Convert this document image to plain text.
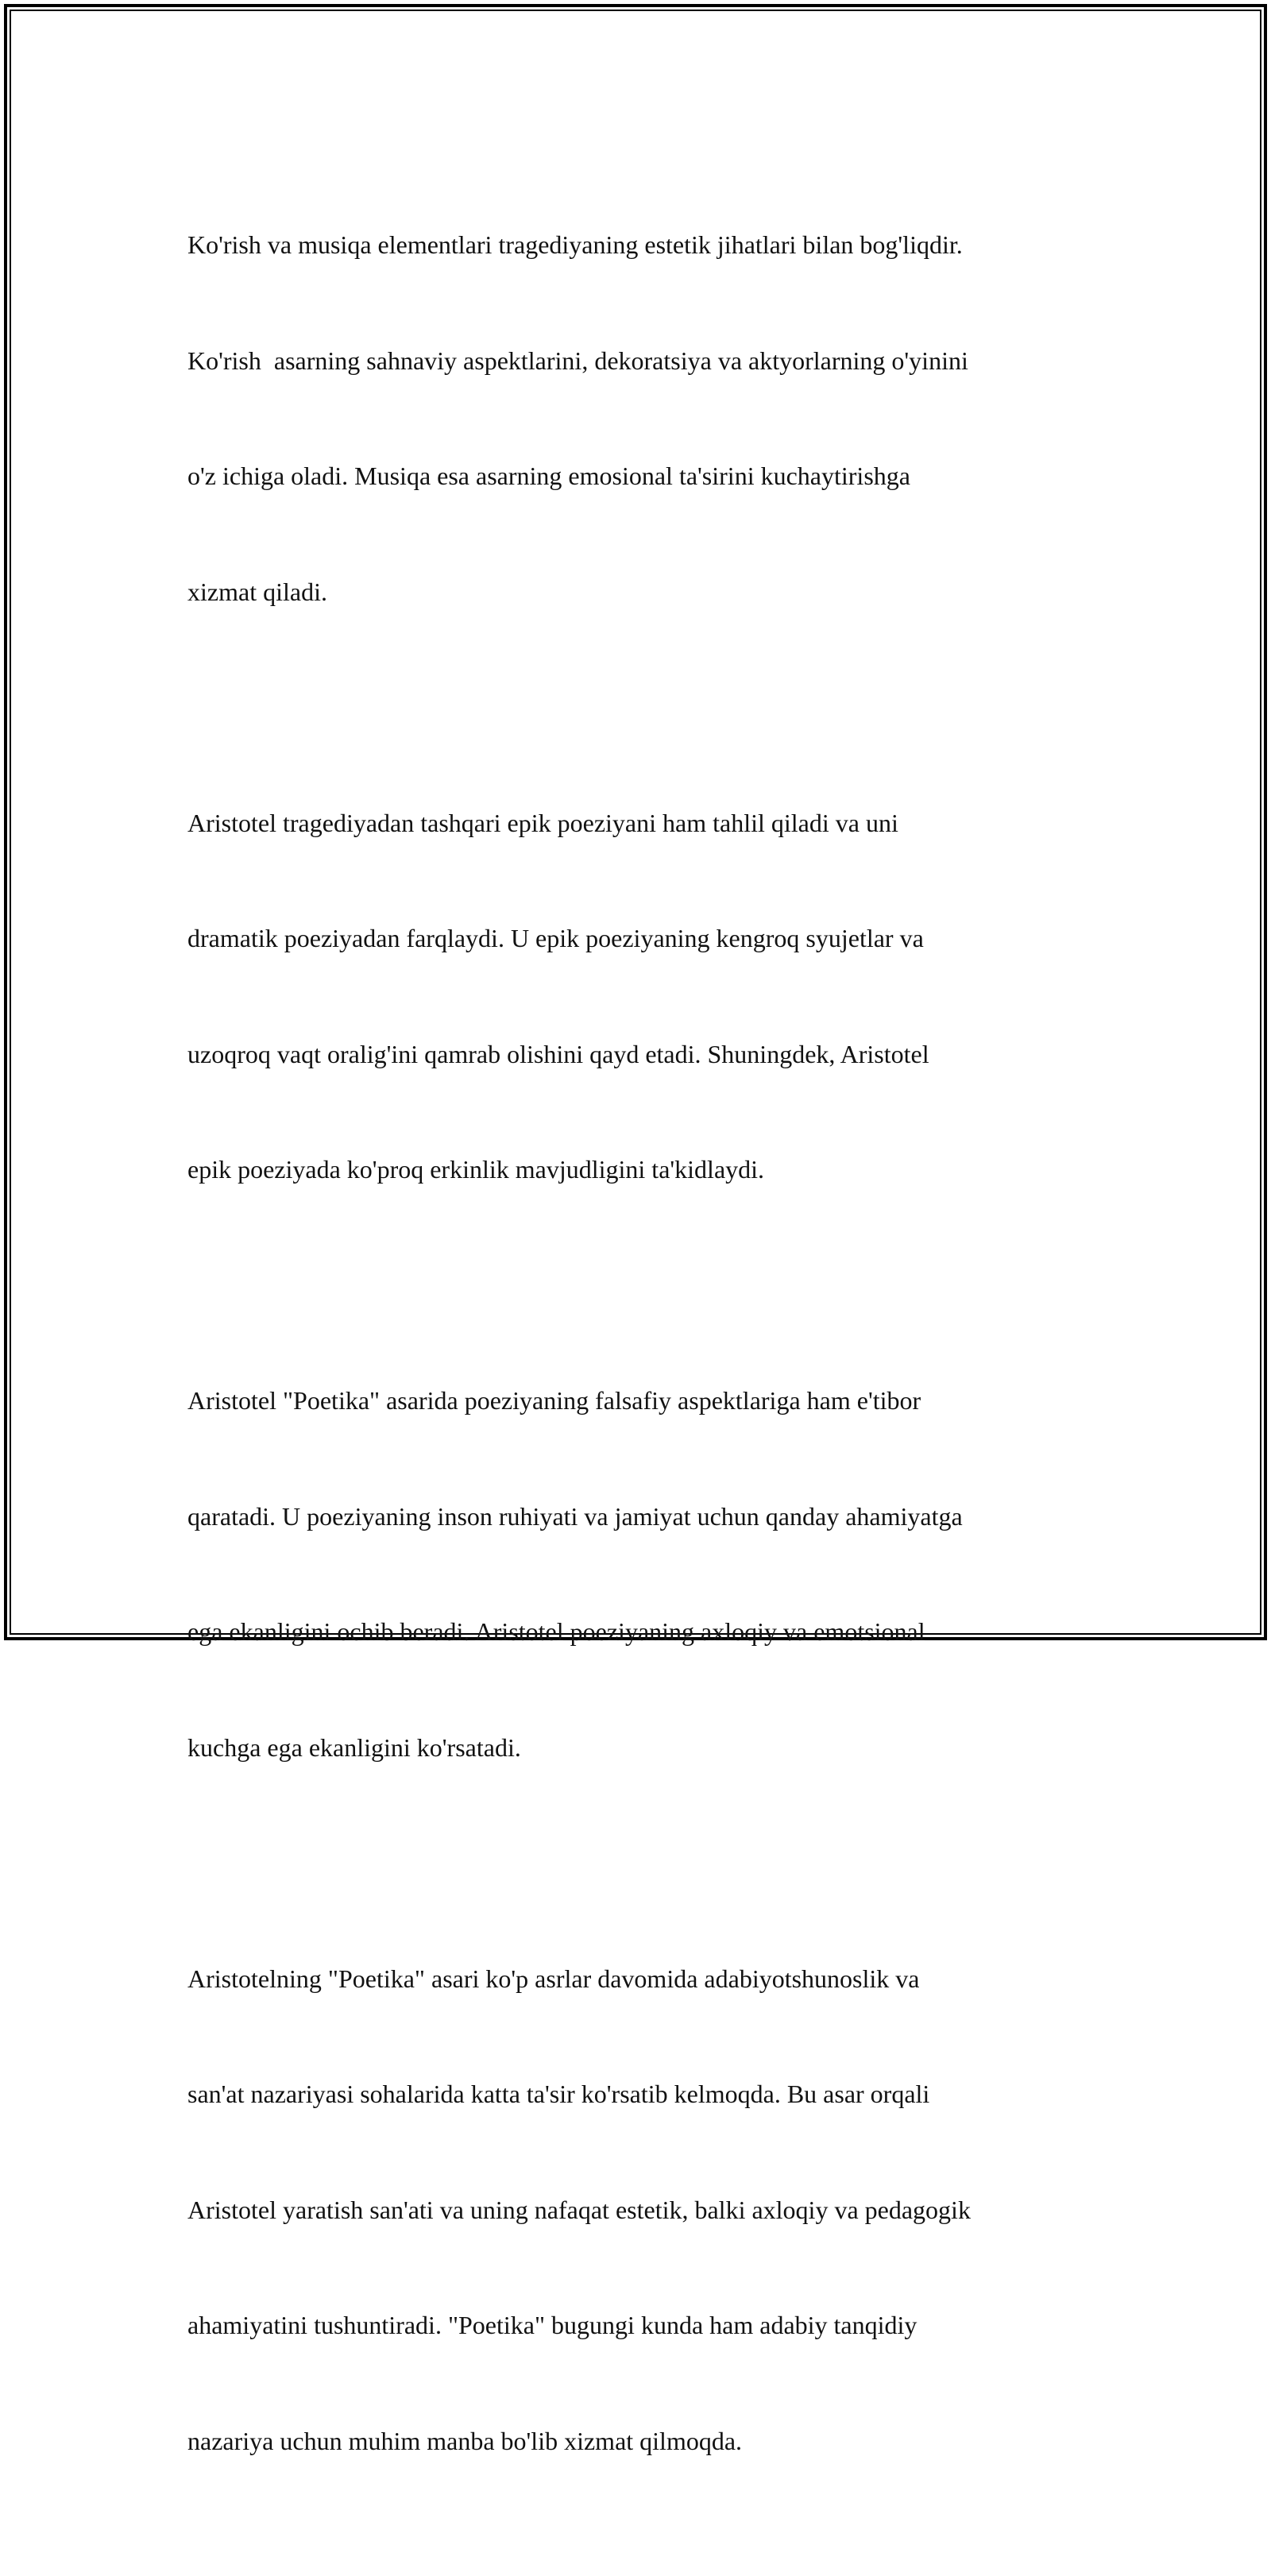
Ko'rish va musiqa elementlari tragediyaning estetik jihatlari bilan bog'liqdir.

Ko'rish  asarning sahnaviy aspektlarini, dekoratsiya va aktyorlarning o'yinini

o'z ichiga oladi. Musiqa esa asarning emosional ta'sirini kuchaytirishga

xizmat qiladi.

Aristotel tragediyadan tashqari epik poeziyani ham tahlil qiladi va uni

dramatik poeziyadan farqlaydi. U epik poeziyaning kengroq syujetlar va

uzoqroq vaqt oralig'ini qamrab olishini qayd etadi. Shuningdek, Aristotel

epik poeziyada ko'proq erkinlik mavjudligini ta'kidlaydi.

Aristotel "Poetika" asarida poeziyaning falsafiy aspektlariga ham e'tibor

qaratadi. U poeziyaning inson ruhiyati va jamiyat uchun qanday ahamiyatga

ega ekanligini ochib beradi. Aristotel poeziyaning axloqiy va emotsional

kuchga ega ekanligini ko'rsatadi.

Aristotelning "Poetika" asari ko'p asrlar davomida adabiyotshunoslik va

san'at nazariyasi sohalarida katta ta'sir ko'rsatib kelmoqda. Bu asar orqali

Aristotel yaratish san'ati va uning nafaqat estetik, balki axloqiy va pedagogik

ahamiyatini tushuntiradi. "Poetika" bugungi kunda ham adabiy tanqidiy

nazariya uchun muhim manba bo'lib xizmat qilmoqda.
